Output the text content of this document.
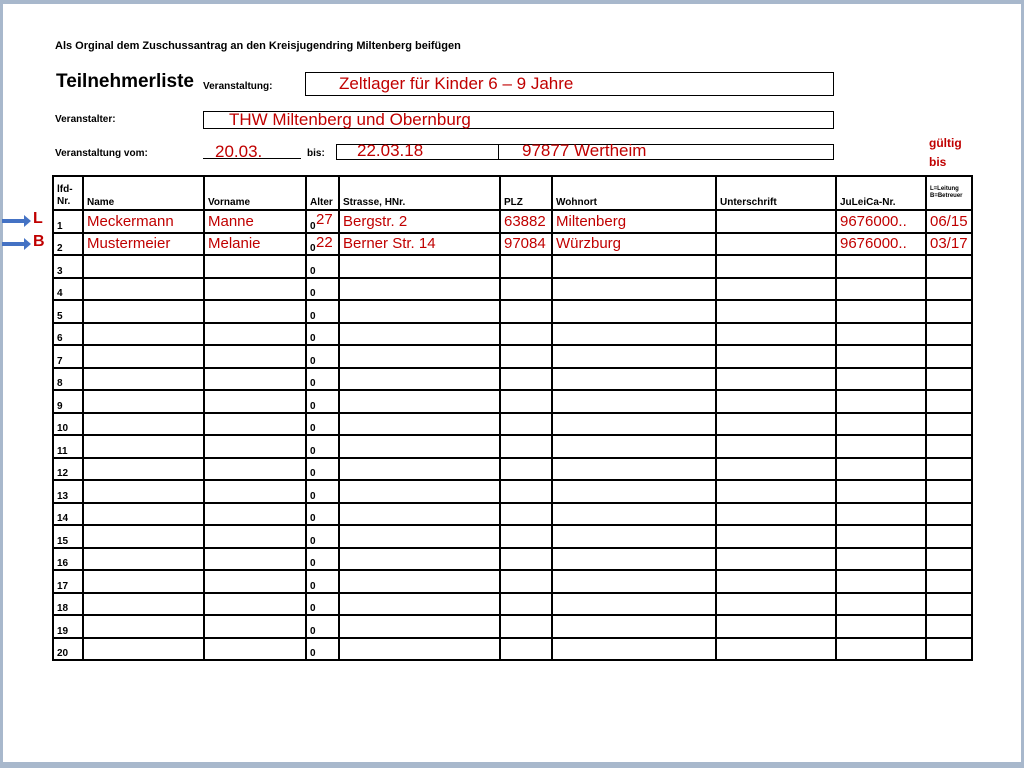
Als Orginal dem Zuschussantrag an den Kreisjugendring Miltenberg beifügen
Teilnehmerliste Veranstaltung:	Zeltlager für Kinder 6 – 9 Jahre
Veranstalter:	THW Miltenberg und Obernburg
Veranstaltung vom:	20.03.	bis: 22.03.18	97877 Wertheim	gültig bis
lfd-Nr.	Name	Vorname	Alter	Strasse, HNr.	PLZ	Wohnort	Unterschrift	JuLeiCa-Nr.	L=Leitung B=Betreuer
1	Meckermann	Manne	0 27	Bergstr. 2	63882	Miltenberg		9676000..	06/15
2	Mustermeier	Melanie	0 22	Berner Str. 14	97084	Würzburg		9676000..	03/17
3			0						
4			0						
5			0						
6			0						
7			0						
8			0						
9			0						
10			0						
11			0						
12			0						
13			0						
14			0						
15			0						
16			0						
17			0						
18			0						
19			0						
20			0						
L
B
